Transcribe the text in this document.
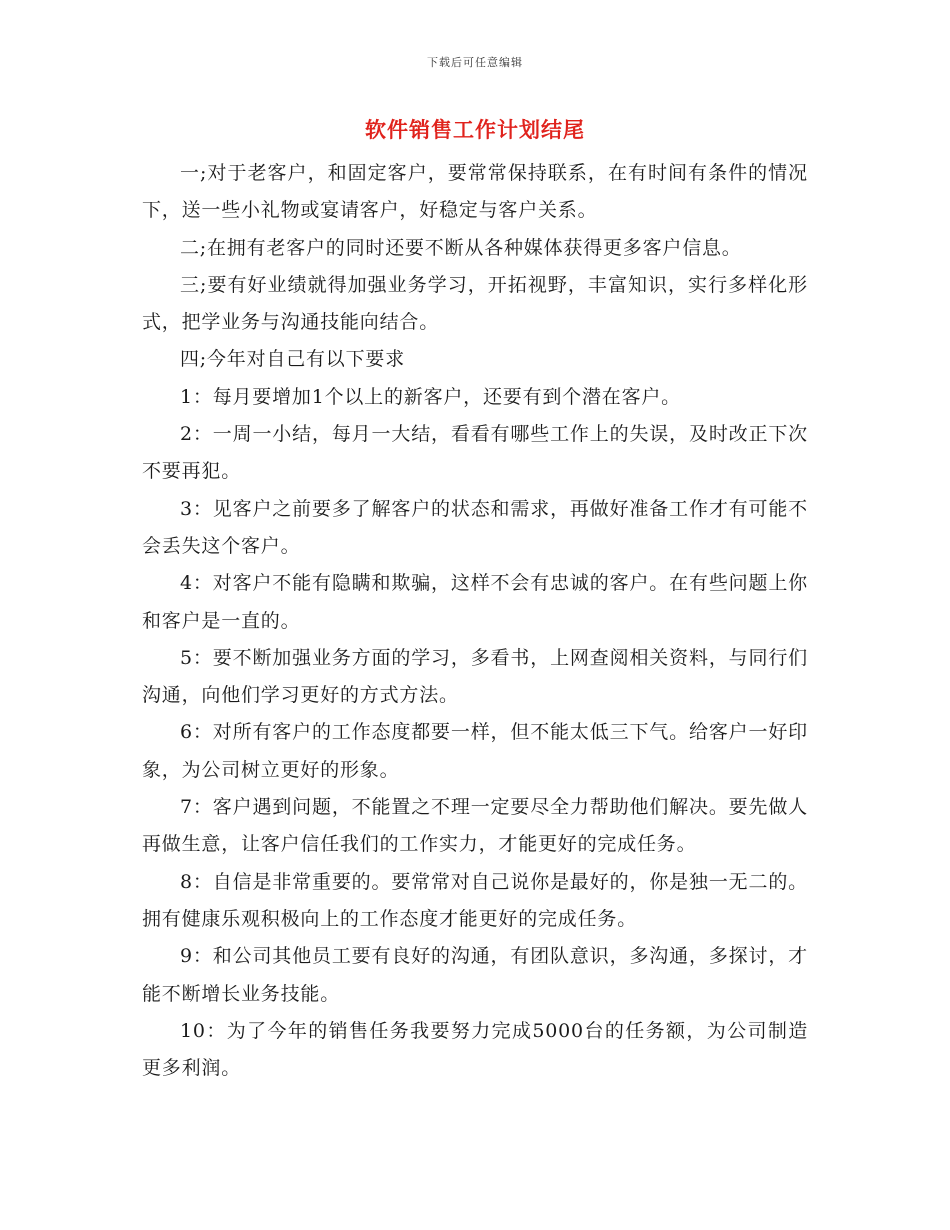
下载后可任意编辑
软件销售工作计划结尾

一;对于老客户，和固定客户，要常常保持联系，在有时间有条件的情况下，送一些小礼物或宴请客户，好稳定与客户关系。

二;在拥有老客户的同时还要不断从各种媒体获得更多客户信息。

三;要有好业绩就得加强业务学习，开拓视野，丰富知识，实行多样化形式，把学业务与沟通技能向结合。

四;今年对自己有以下要求

1：每月要增加1个以上的新客户，还要有到个潜在客户。

2：一周一小结，每月一大结，看看有哪些工作上的失误，及时改正下次不要再犯。

3：见客户之前要多了解客户的状态和需求，再做好准备工作才有可能不会丢失这个客户。

4：对客户不能有隐瞒和欺骗，这样不会有忠诚的客户。在有些问题上你和客户是一直的。

5：要不断加强业务方面的学习，多看书，上网查阅相关资料，与同行们沟通，向他们学习更好的方式方法。

6：对所有客户的工作态度都要一样，但不能太低三下气。给客户一好印象，为公司树立更好的形象。

7：客户遇到问题，不能置之不理一定要尽全力帮助他们解决。要先做人再做生意，让客户信任我们的工作实力，才能更好的完成任务。

8：自信是非常重要的。要常常对自己说你是最好的，你是独一无二的。拥有健康乐观积极向上的工作态度才能更好的完成任务。

9：和公司其他员工要有良好的沟通，有团队意识，多沟通，多探讨，才能不断增长业务技能。

10：为了今年的销售任务我要努力完成5000台的任务额，为公司制造更多利润。
